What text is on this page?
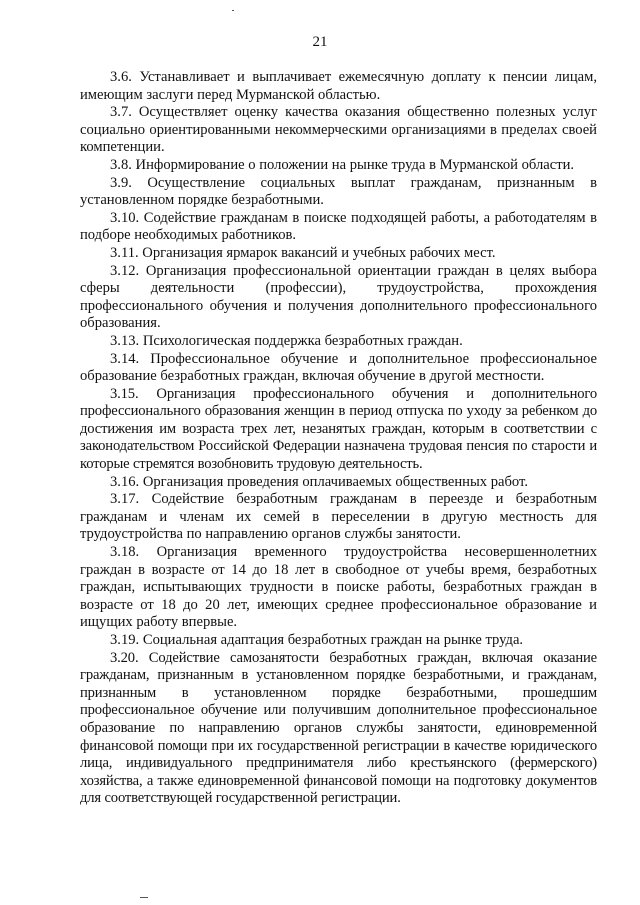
21

3.6. Устанавливает и выплачивает ежемесячную доплату к пенсии лицам, имеющим заслуги перед Мурманской областью.

3.7. Осуществляет оценку качества оказания общественно полезных услуг социально ориентированными некоммерческими организациями в пределах своей компетенции.

3.8. Информирование о положении на рынке труда в Мурманской области.

3.9. Осуществление социальных выплат гражданам, признанным в установленном порядке безработными.

3.10. Содействие гражданам в поиске подходящей работы, а работодателям в подборе необходимых работников.

3.11. Организация ярмарок вакансий и учебных рабочих мест.

3.12. Организация профессиональной ориентации граждан в целях выбора сферы деятельности (профессии), трудоустройства, прохождения профессионального обучения и получения дополнительного профессионального образования.

3.13. Психологическая поддержка безработных граждан.

3.14. Профессиональное обучение и дополнительное профессиональное образование безработных граждан, включая обучение в другой местности.

3.15. Организация профессионального обучения и дополнительного профессионального образования женщин в период отпуска по уходу за ребенком до достижения им возраста трех лет, незанятых граждан, которым в соответствии с законодательством Российской Федерации назначена трудовая пенсия по старости и которые стремятся возобновить трудовую деятельность.

3.16. Организация проведения оплачиваемых общественных работ.

3.17. Содействие безработным гражданам в переезде и безработным гражданам и членам их семей в переселении в другую местность для трудоустройства по направлению органов службы занятости.

3.18. Организация временного трудоустройства несовершеннолетних граждан в возрасте от 14 до 18 лет в свободное от учебы время, безработных граждан, испытывающих трудности в поиске работы, безработных граждан в возрасте от 18 до 20 лет, имеющих среднее профессиональное образование и ищущих работу впервые.

3.19. Социальная адаптация безработных граждан на рынке труда.

3.20. Содействие самозанятости безработных граждан, включая оказание гражданам, признанным в установленном порядке безработными, и гражданам, признанным в установленном порядке безработными, прошедшим профессиональное обучение или получившим дополнительное профессиональное образование по направлению органов службы занятости, единовременной финансовой помощи при их государственной регистрации в качестве юридического лица, индивидуального предпринимателя либо крестьянского (фермерского) хозяйства, а также единовременной финансовой помощи на подготовку документов для соответствующей государственной регистрации.
